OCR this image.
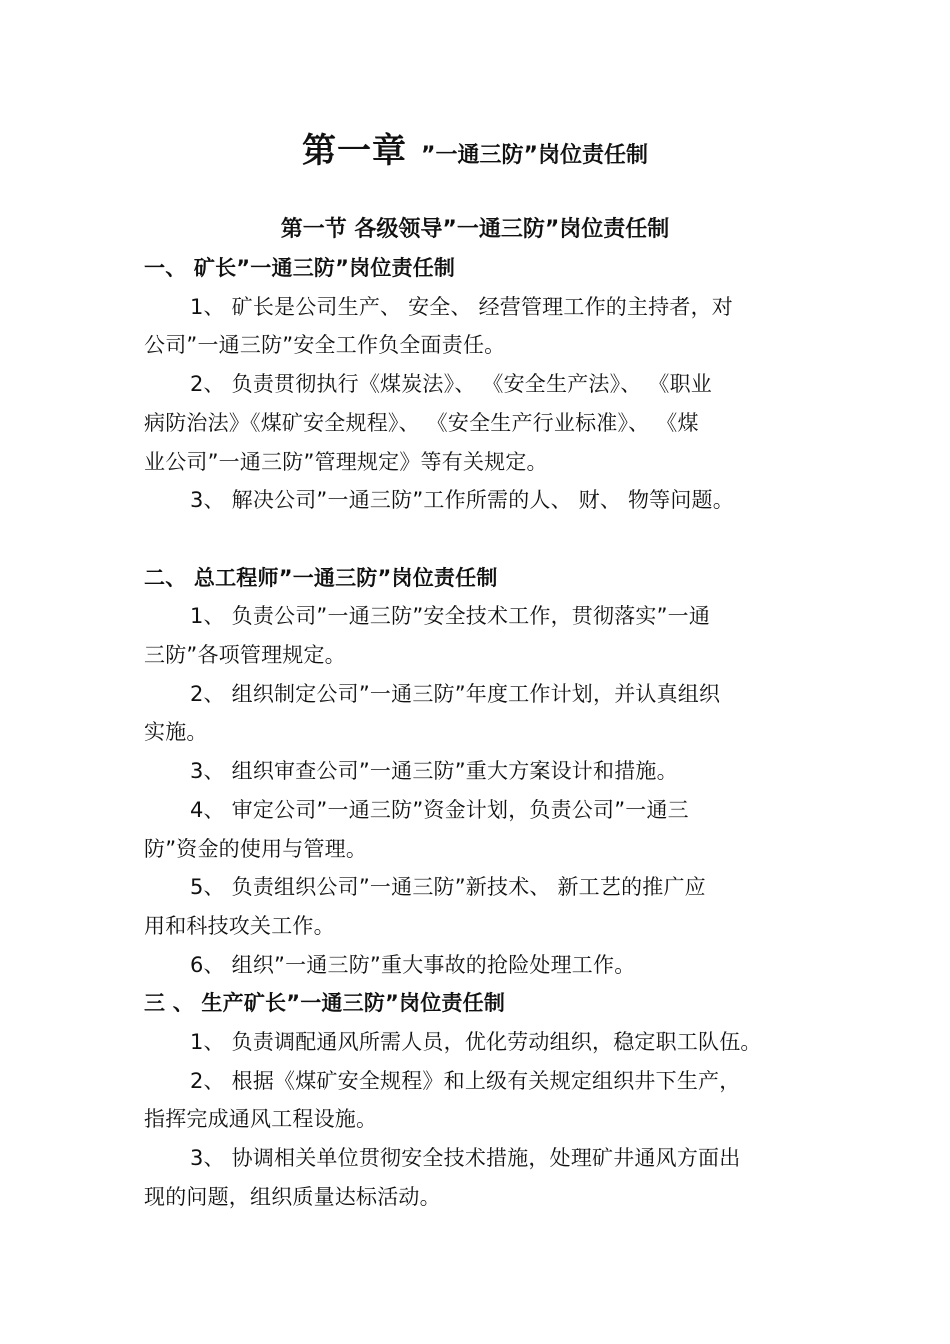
第一章 ”一通三防”岗位责任制
第一节 各级领导”一通三防”岗位责任制
一、 矿长”一通三防”岗位责任制
1、 矿长是公司生产、 安全、 经营管理工作的主持者，对
公司”一通三防”安全工作负全面责任。
2、 负责贯彻执行《煤炭法》、 《安全生产法》、 《职业
病防治法》《煤矿安全规程》、 《安全生产行业标准》、 《煤
业公司”一通三防”管理规定》等有关规定。
3、 解决公司”一通三防”工作所需的人、 财、 物等问题。
二、 总工程师”一通三防”岗位责任制
1、 负责公司”一通三防”安全技术工作，贯彻落实”一通
三防”各项管理规定。
2、 组织制定公司”一通三防”年度工作计划，并认真组织
实施。
3、 组织审查公司”一通三防”重大方案设计和措施。
4、 审定公司”一通三防”资金计划，负责公司”一通三
防”资金的使用与管理。
5、 负责组织公司”一通三防”新技术、 新工艺的推广应
用和科技攻关工作。
6、 组织”一通三防”重大事故的抢险处理工作。
三 、 生产矿长”一通三防”岗位责任制
1、 负责调配通风所需人员，优化劳动组织，稳定职工队伍。
2、 根据《煤矿安全规程》和上级有关规定组织井下生产，
指挥完成通风工程设施。
3、 协调相关单位贯彻安全技术措施，处理矿井通风方面出
现的问题，组织质量达标活动。
